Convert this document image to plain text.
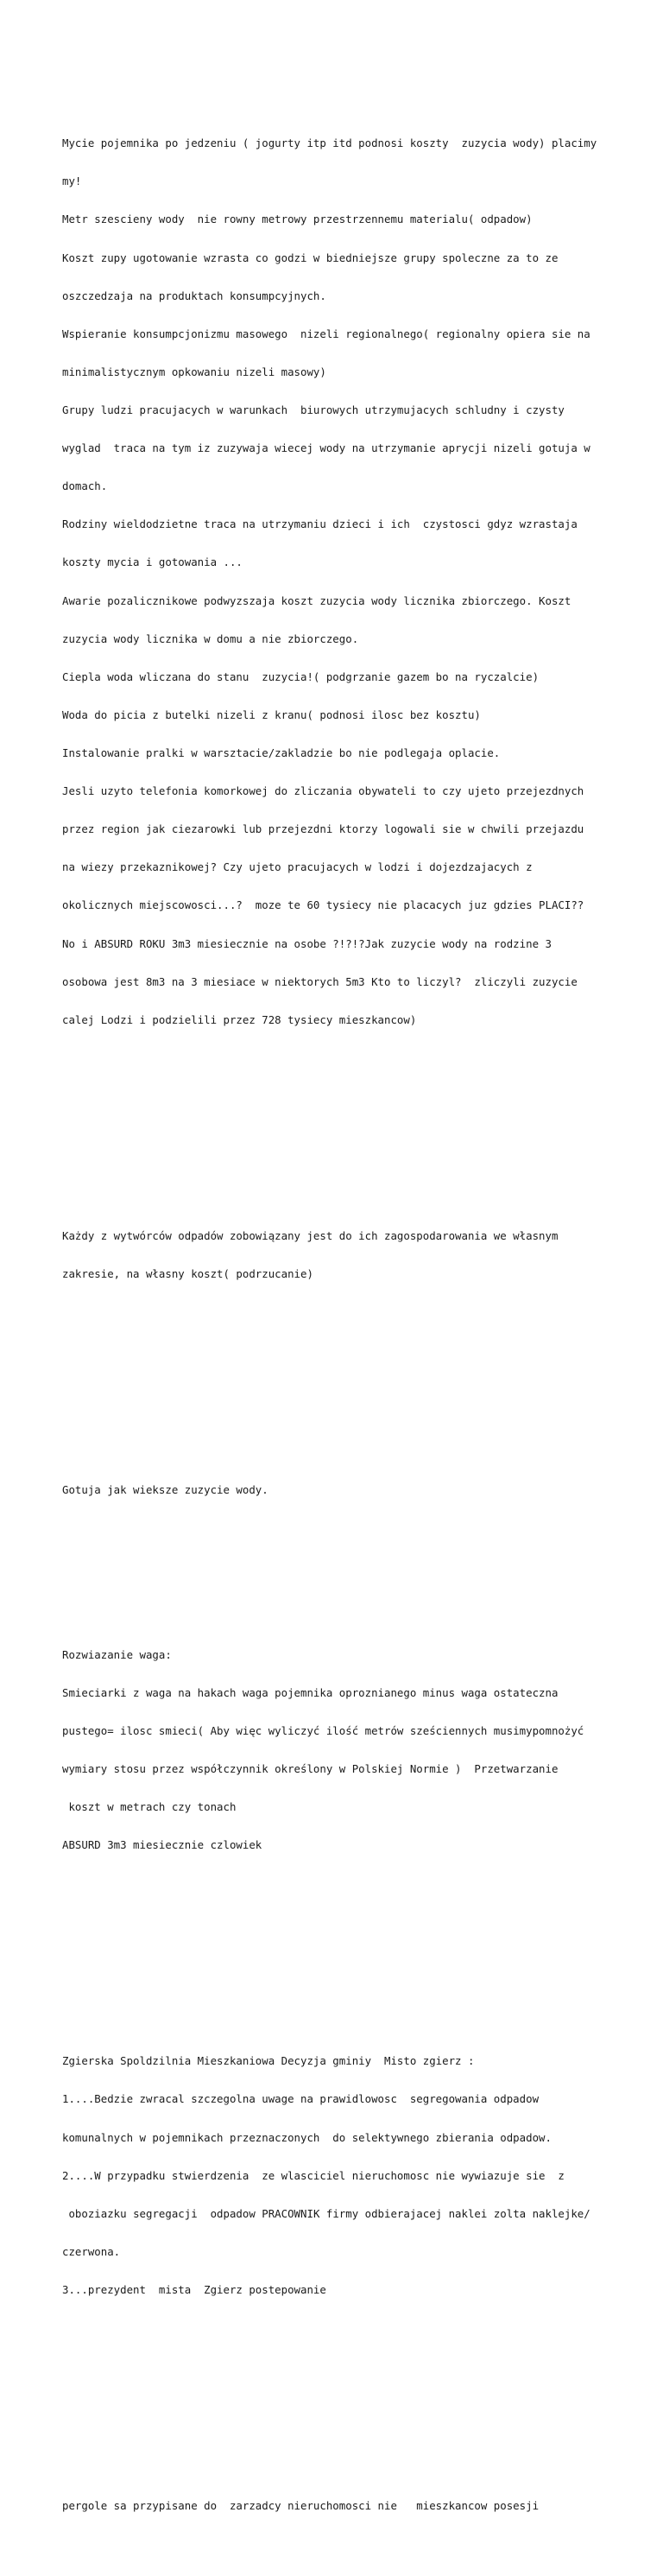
Mycie pojemnika po jedzeniu ( jogurty itp itd podnosi koszty  zuzycia wody) placimy

my!

Metr szescieny wody  nie rowny metrowy przestrzennemu materialu( odpadow)

Koszt zupy ugotowanie wzrasta co godzi w biedniejsze grupy spoleczne za to ze

oszczedzaja na produktach konsumpcyjnych.

Wspieranie konsumpcjonizmu masowego  nizeli regionalnego( regionalny opiera sie na

minimalistycznym opkowaniu nizeli masowy)

Grupy ludzi pracujacych w warunkach  biurowych utrzymujacych schludny i czysty

wyglad  traca na tym iz zuzywaja wiecej wody na utrzymanie aprycji nizeli gotuja w

domach.

Rodziny wieldodzietne traca na utrzymaniu dzieci i ich  czystosci gdyz wzrastaja

koszty mycia i gotowania ...

Awarie pozalicznikowe podwyzszaja koszt zuzycia wody licznika zbiorczego. Koszt

zuzycia wody licznika w domu a nie zbiorczego.

Ciepla woda wliczana do stanu  zuzycia!( podgrzanie gazem bo na ryczalcie)

Woda do picia z butelki nizeli z kranu( podnosi ilosc bez kosztu)

Instalowanie pralki w warsztacie/zakladzie bo nie podlegaja oplacie.

Jesli uzyto telefonia komorkowej do zliczania obywateli to czy ujeto przejezdnych

przez region jak ciezarowki lub przejezdni ktorzy logowali sie w chwili przejazdu

na wiezy przekaznikowej? Czy ujeto pracujacych w lodzi i dojezdzajacych z

okolicznych miejscowosci...?  moze te 60 tysiecy nie placacych juz gdzies PLACI??

No i ABSURD ROKU 3m3 miesiecznie na osobe ?!?!?Jak zuzycie wody na rodzine 3

osobowa jest 8m3 na 3 miesiace w niektorych 5m3 Kto to liczyl?  zliczyli zuzycie

calej Lodzi i podzielili przez 728 tysiecy mieszkancow)

Każdy z wytwórców odpadów zobowiązany jest do ich zagospodarowania we własnym

zakresie, na własny koszt( podrzucanie)

Gotuja jak wieksze zuzycie wody.

Rozwiazanie waga:

Smieciarki z waga na hakach waga pojemnika oproznianego minus waga ostateczna

pustego= ilosc smieci( Aby więc wyliczyć ilość metrów sześciennych musimypomnożyć

wymiary stosu przez współczynnik określony w Polskiej Normie )  Przetwarzanie

koszt w metrach czy tonach

ABSURD 3m3 miesiecznie czlowiek

Zgierska Spoldzilnia Mieszkaniowa Decyzja gminiy  Misto zgierz :

1....Bedzie zwracal szczegolna uwage na prawidlowosc  segregowania odpadow

komunalnych w pojemnikach przeznaczonych  do selektywnego zbierania odpadow.

2....W przypadku stwierdzenia  ze wlasciciel nieruchomosc nie wywiazuje sie  z

oboziazku segregacji  odpadow PRACOWNIK firmy odbierajacej naklei zolta naklejke/

czerwona.

3...prezydent  mista  Zgierz postepowanie

pergole sa przypisane do  zarzadcy nieruchomosci nie   mieszkancow posesji
